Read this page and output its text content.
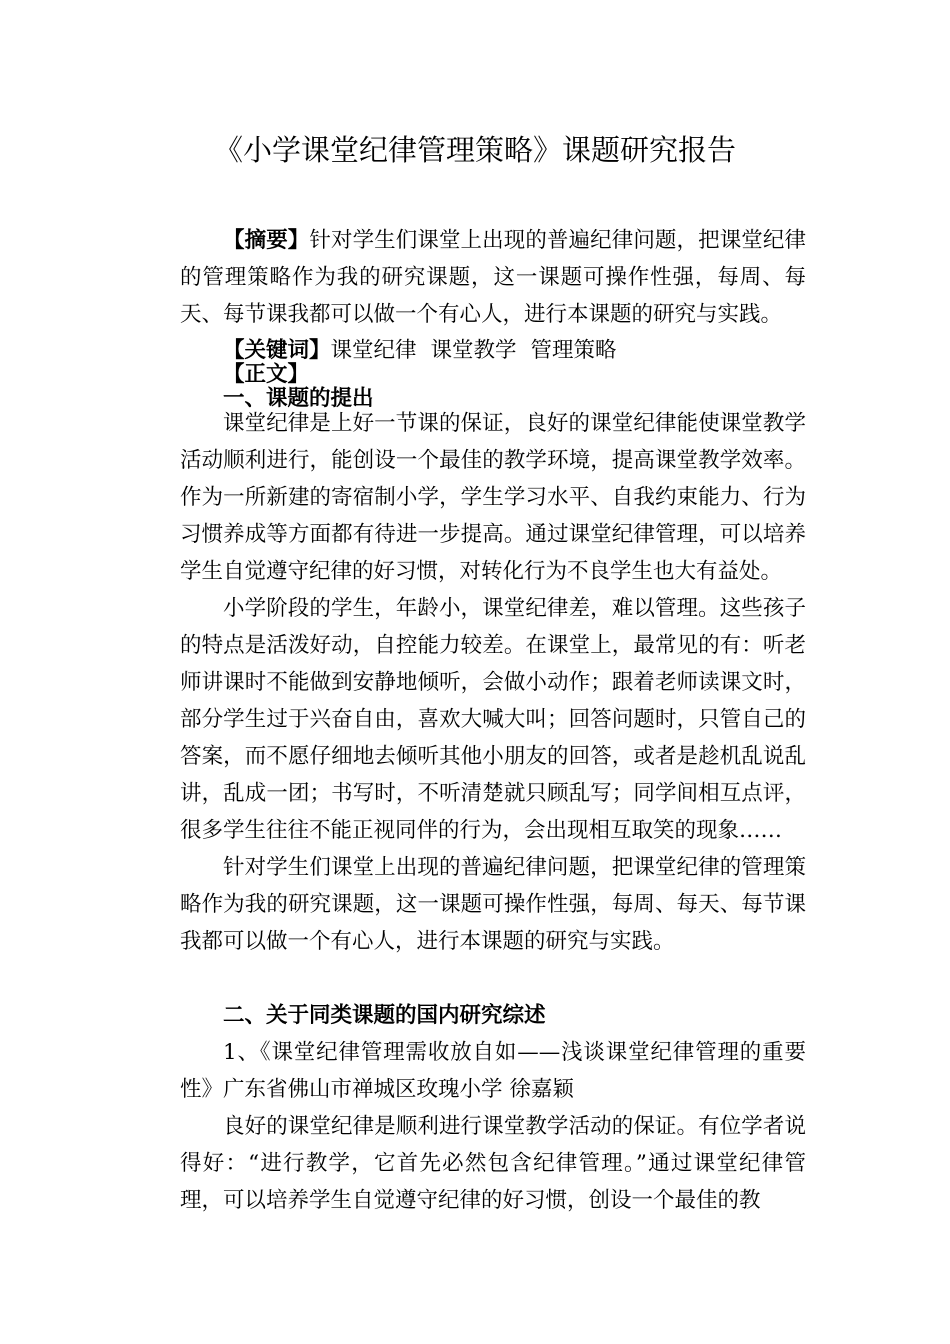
《小学课堂纪律管理策略》课题研究报告

【摘要】针对学生们课堂上出现的普遍纪律问题，把课堂纪律的管理策略作为我的研究课题，这一课题可操作性强，每周、每天、每节课我都可以做一个有心人，进行本课题的研究与实践。

【关键词】课堂纪律 课堂教学 管理策略
【正文】
一、课题的提出

课堂纪律是上好一节课的保证，良好的课堂纪律能使课堂教学活动顺利进行，能创设一个最佳的教学环境，提高课堂教学效率。作为一所新建的寄宿制小学，学生学习水平、自我约束能力、行为习惯养成等方面都有待进一步提高。通过课堂纪律管理，可以培养学生自觉遵守纪律的好习惯，对转化行为不良学生也大有益处。

小学阶段的学生，年龄小，课堂纪律差，难以管理。这些孩子的特点是活泼好动，自控能力较差。在课堂上，最常见的有：听老师讲课时不能做到安静地倾听，会做小动作；跟着老师读课文时，部分学生过于兴奋自由，喜欢大喊大叫；回答问题时，只管自己的答案，而不愿仔细地去倾听其他小朋友的回答，或者是趁机乱说乱讲，乱成一团；书写时，不听清楚就只顾乱写；同学间相互点评，很多学生往往不能正视同伴的行为，会出现相互取笑的现象……

针对学生们课堂上出现的普遍纪律问题，把课堂纪律的管理策略作为我的研究课题，这一课题可操作性强，每周、每天、每节课我都可以做一个有心人，进行本课题的研究与实践。

二、关于同类课题的国内研究综述

1、《课堂纪律管理需收放自如——浅谈课堂纪律管理的重要性》广东省佛山市禅城区玫瑰小学 徐嘉颖

良好的课堂纪律是顺利进行课堂教学活动的保证。有位学者说得好：“进行教学，它首先必然包含纪律管理。”通过课堂纪律管理，可以培养学生自觉遵守纪律的好习惯，创设一个最佳的教
